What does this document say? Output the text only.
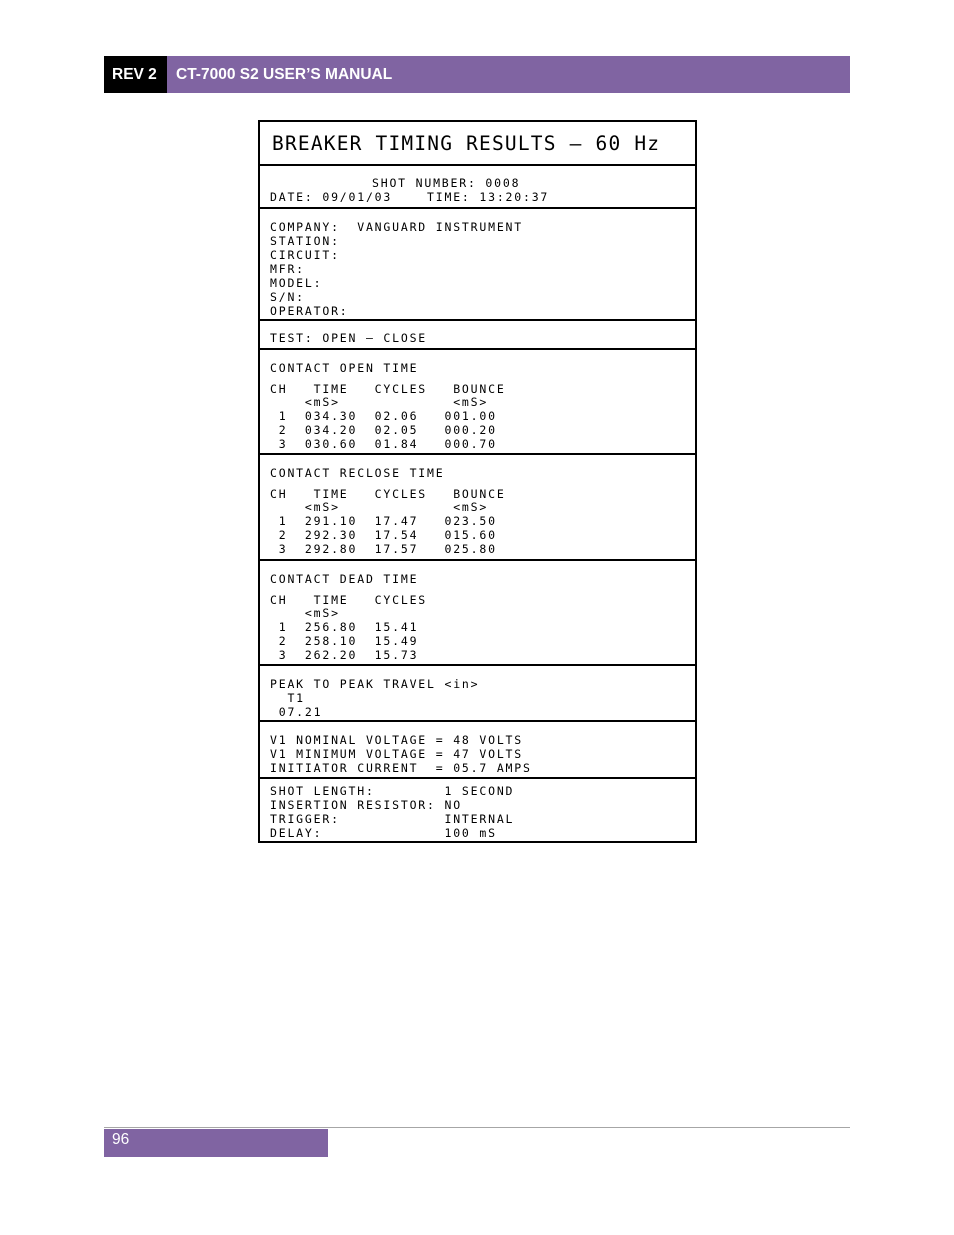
REV 2	CT-7000 S2 USER’S MANUAL
BREAKER TIMING RESULTS – 60 Hz
SHOT NUMBER: 0008
DATE: 09/01/03    TIME: 13:20:37
COMPANY:  VANGUARD INSTRUMENT
STATION:
CIRCUIT:
MFR:
MODEL:
S/N:
OPERATOR:
TEST: OPEN – CLOSE
CONTACT OPEN TIME
CH   TIME   CYCLES   BOUNCE
<mS>             <mS>
1  034.30  02.06   001.00
2  034.20  02.05   000.20
3  030.60  01.84   000.70
CONTACT RECLOSE TIME
CH   TIME   CYCLES   BOUNCE
<mS>             <mS>
1  291.10  17.47   023.50
2  292.30  17.54   015.60
3  292.80  17.57   025.80
CONTACT DEAD TIME
CH   TIME   CYCLES
<mS>
1  256.80  15.41
2  258.10  15.49
3  262.20  15.73
PEAK TO PEAK TRAVEL <in>
T1
07.21
V1 NOMINAL VOLTAGE = 48 VOLTS
V1 MINIMUM VOLTAGE = 47 VOLTS
INITIATOR CURRENT  = 05.7 AMPS
SHOT LENGTH:        1 SECOND
INSERTION RESISTOR: NO
TRIGGER:            INTERNAL
DELAY:              100 mS
96
